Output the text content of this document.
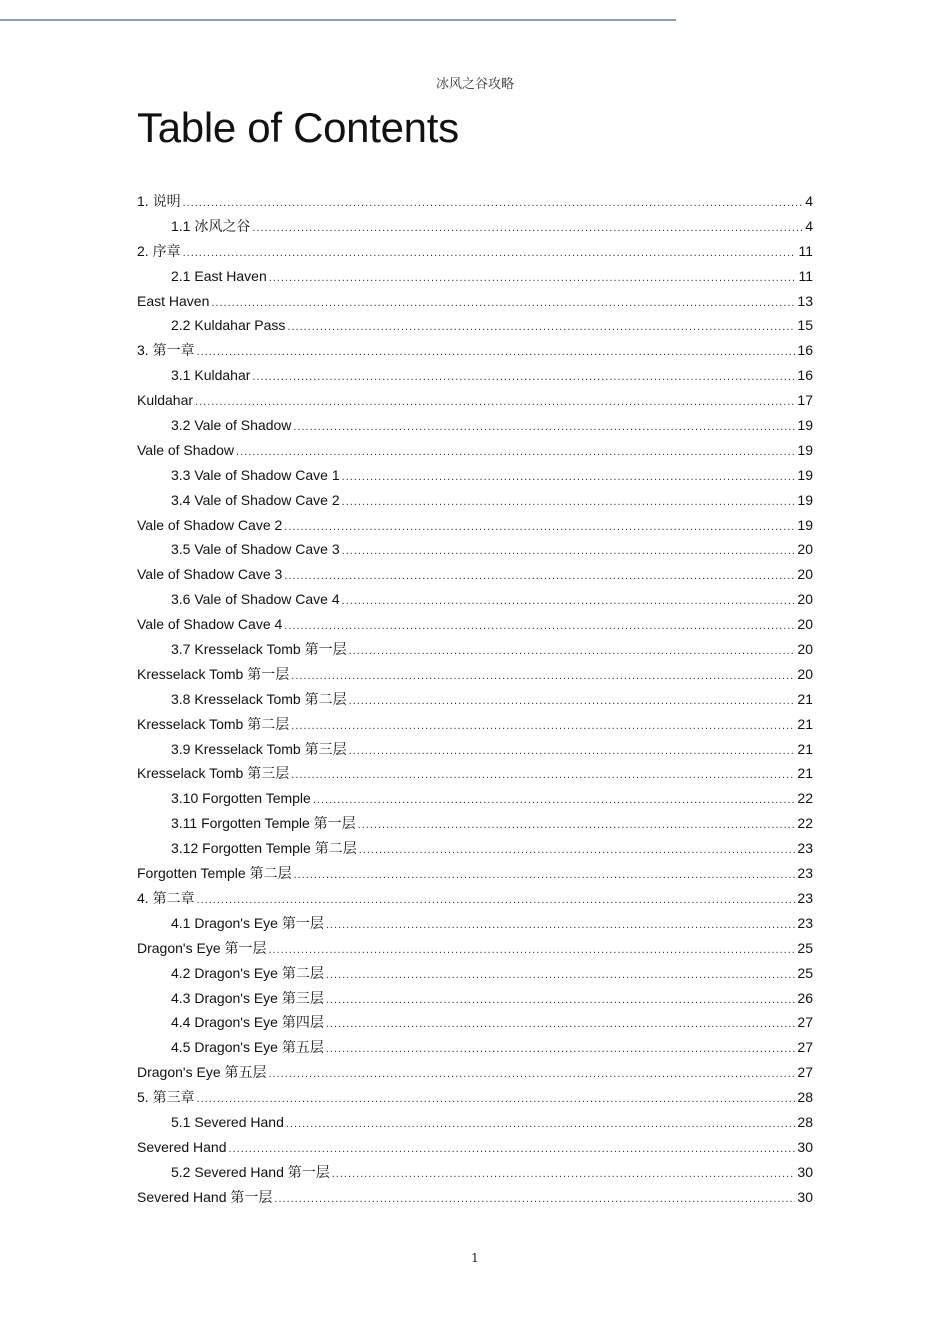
冰风之谷攻略
Table of Contents
1. 说明 .....	4
1.1 冰风之谷 .....	4
2. 序章 .....	11
2.1 East Haven .....	11
East Haven .....	13
2.2 Kuldahar Pass .....	15
3. 第一章 .....	16
3.1 Kuldahar .....	16
Kuldahar .....	17
3.2 Vale of Shadow .....	19
Vale of Shadow .....	19
3.3 Vale of Shadow Cave 1 .....	19
3.4 Vale of Shadow Cave 2 .....	19
Vale of Shadow Cave 2 .....	19
3.5 Vale of Shadow Cave 3 .....	20
Vale of Shadow Cave 3 .....	20
3.6 Vale of Shadow Cave 4 .....	20
Vale of Shadow Cave 4 .....	20
3.7 Kresselack Tomb 第一层 .....	20
Kresselack Tomb 第一层 .....	20
3.8 Kresselack Tomb 第二层 .....	21
Kresselack Tomb 第二层 .....	21
3.9 Kresselack Tomb 第三层 .....	21
Kresselack Tomb 第三层 .....	21
3.10 Forgotten Temple .....	22
3.11 Forgotten Temple 第一层 .....	22
3.12 Forgotten Temple 第二层 .....	23
Forgotten Temple 第二层 .....	23
4. 第二章 .....	23
4.1 Dragon's Eye 第一层 .....	23
Dragon's Eye 第一层 .....	25
4.2 Dragon's Eye 第二层 .....	25
4.3 Dragon's Eye 第三层 .....	26
4.4 Dragon's Eye 第四层 .....	27
4.5 Dragon's Eye 第五层 .....	27
Dragon's Eye 第五层 .....	27
5. 第三章 .....	28
5.1 Severed Hand .....	28
Severed Hand .....	30
5.2 Severed Hand 第一层 .....	30
Severed Hand 第一层 .....	30
1
